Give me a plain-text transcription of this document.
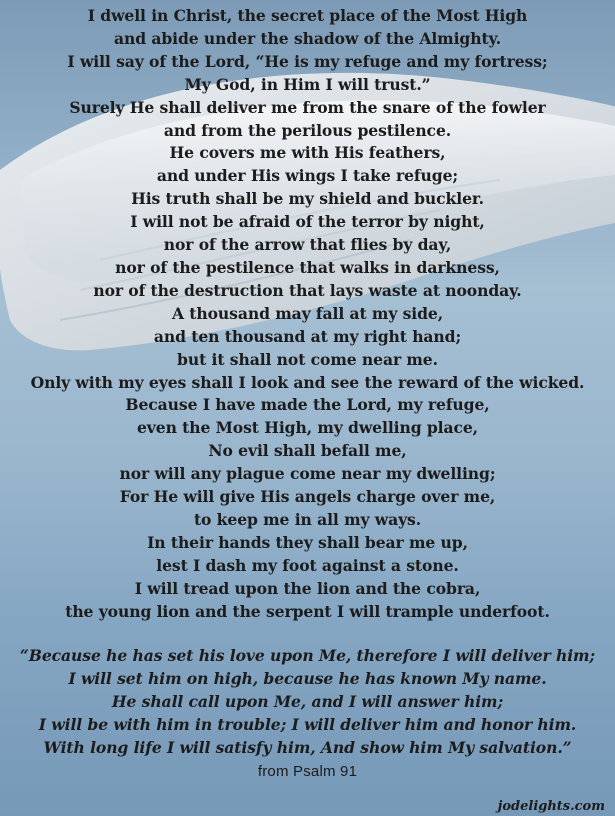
I dwell in Christ, the secret place of the Most High
and abide under the shadow of the Almighty.
I will say of the Lord, “He is my refuge and my fortress;
My God, in Him I will trust.”
Surely He shall deliver me from the snare of the fowler
and from the perilous pestilence.
He covers me with His feathers,
and under His wings I take refuge;
His truth shall be my shield and buckler.
I will not be afraid of the terror by night,
nor of the arrow that flies by day,
nor of the pestilence that walks in darkness,
nor of the destruction that lays waste at noonday.
A thousand may fall at my side,
and ten thousand at my right hand;
but it shall not come near me.
Only with my eyes shall I look and see the reward of the wicked.
Because I have made the Lord, my refuge,
even the Most High, my dwelling place,
No evil shall befall me,
nor will any plague come near my dwelling;
For He will give His angels charge over me,
to keep me in all my ways.
In their hands they shall bear me up,
lest I dash my foot against a stone.
I will tread upon the lion and the cobra,
the young lion and the serpent I will trample underfoot.
“Because he has set his love upon Me, therefore I will deliver him;
I will set him on high, because he has known My name.
He shall call upon Me, and I will answer him;
I will be with him in trouble; I will deliver him and honor him.
With long life I will satisfy him, And show him My salvation.”
from Psalm 91
jodelights.com
